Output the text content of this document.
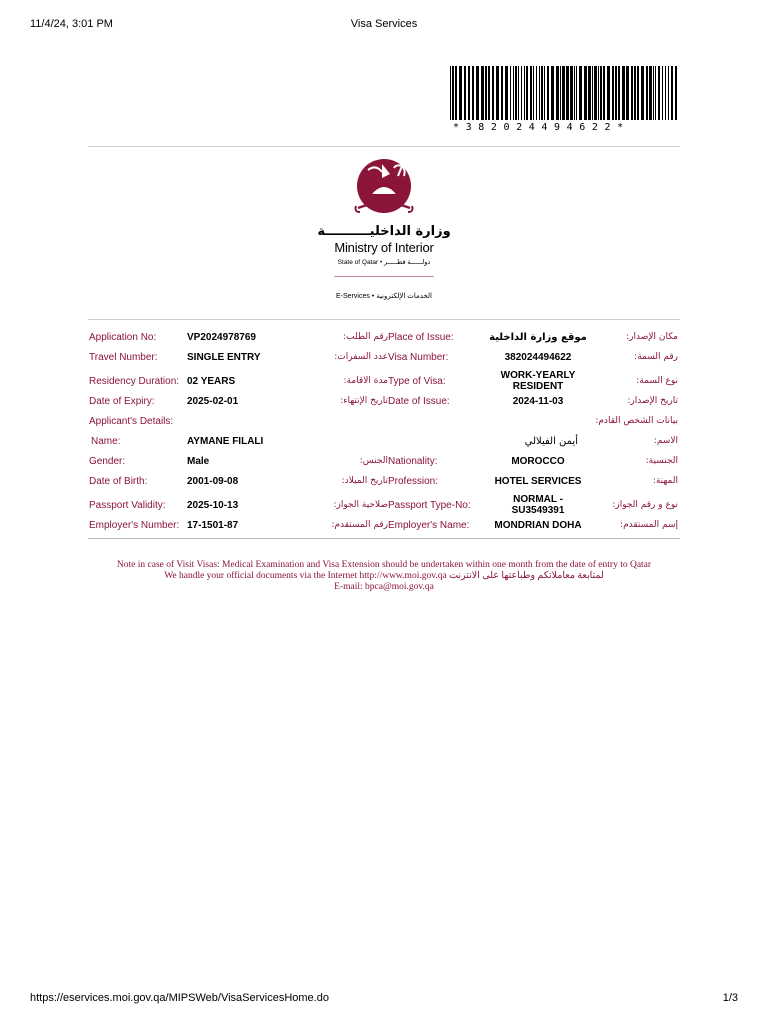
11/4/24, 3:01 PM	Visa Services
*382024494622*
وزارة الداخليــــــــــة
Ministry of Interior
State of Qatar • دولــــــة قطـــــر
E-Services • الخدمات الإلكترونية
Application No:	VP2024978769	رقم الطلب: Place of Issue:	موقع وزارة الداخلية	مكان الإصدار:
Travel Number:	SINGLE ENTRY	عدد السفرات: Visa Number:	382024494622	رقم السمة:
Residency Duration: 02 YEARS	مدة الاقامة: Type of Visa:
WORK-YEARLY RESIDENT	نوع السمة:
Date of Expiry:	2025-02-01	تاريخ الإنتهاء: Date of Issue:	2024-11-03	تاريخ الإصدار:
Applicant's Details:	بيانات الشخص القادم:
Name:	AYMANE FILALI	أيمن الفيلالي	الاسم:
Gender:	Male	الجنس: Nationality:	MOROCCO	الجنسية:
Date of Birth:	2001-09-08	تاريخ الميلاد: Profession:	HOTEL SERVICES	المهنة:
Passport Validity: 2025-10-13	صلاحية الجواز: Passport Type-No:
NORMAL - SU3549391	نوع و رقم الجواز:
Employer's Number: 17-1501-87	رقم المستقدم: Employer's Name:	MONDRIAN DOHA	إسم المستقدم:
Note in case of Visit Visas: Medical Examination and Visa Extension should be undertaken within one month from the date of entry to Qatar
We handle your official documents via the Internet http://www.moi.gov.qa لمتابعة معاملاتكم وطباعتها على الانترنت
E-mail: bpca@moi.gov.qa
https://eservices.moi.gov.qa/MIPSWeb/VisaServicesHome.do	1/3
